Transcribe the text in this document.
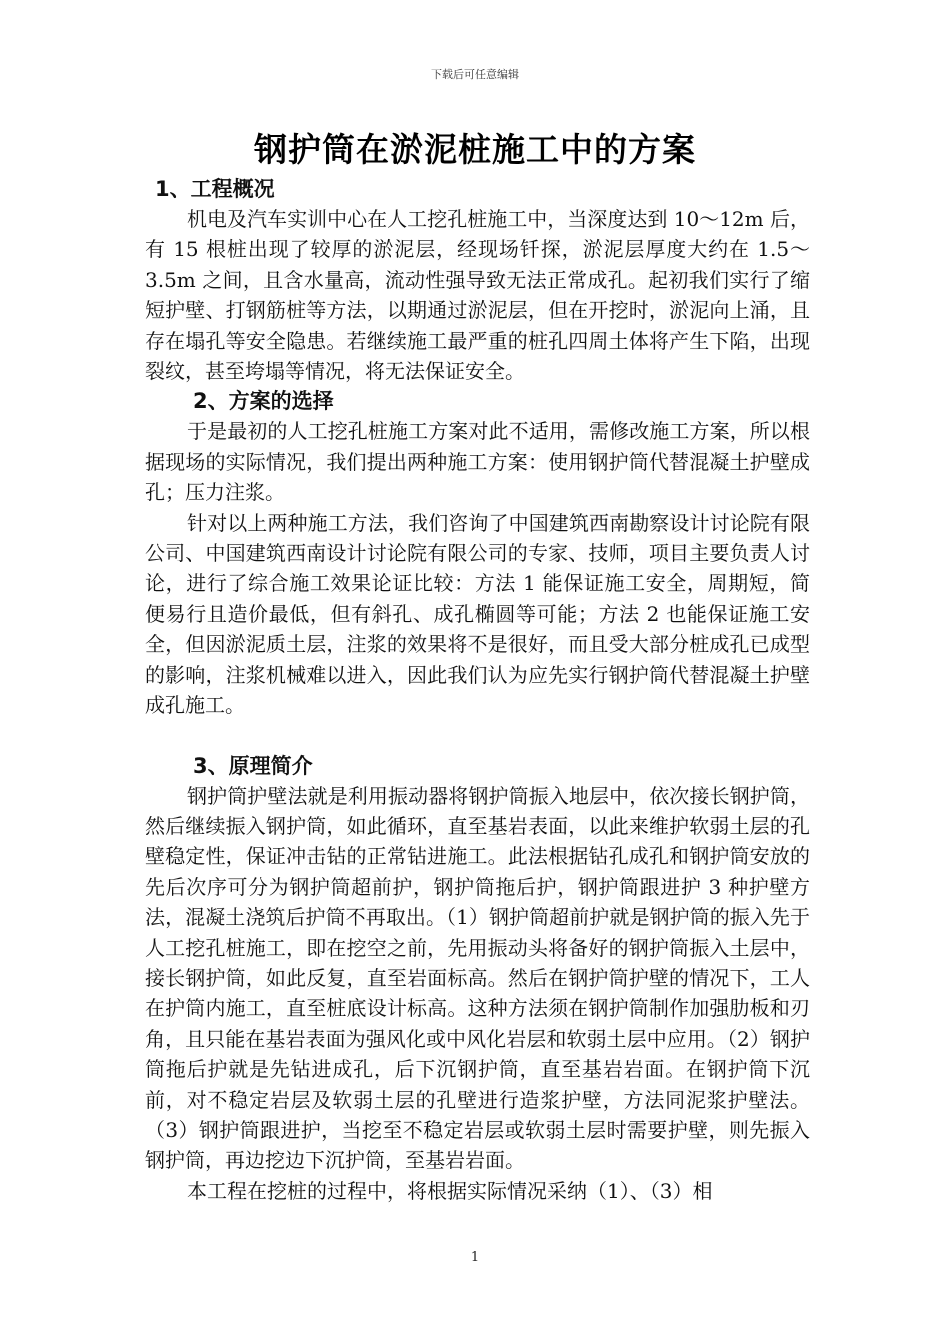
下载后可任意编辑
钢护筒在淤泥桩施工中的方案
1、工程概况

机电及汽车实训中心在人工挖孔桩施工中，当深度达到 10～12m 后，有 15 根桩出现了较厚的淤泥层，经现场钎探，淤泥层厚度大约在 1.5～3.5m 之间，且含水量高，流动性强导致无法正常成孔。起初我们实行了缩短护壁、打钢筋桩等方法，以期通过淤泥层，但在开挖时，淤泥向上涌，且存在塌孔等安全隐患。若继续施工最严重的桩孔四周土体将产生下陷，出现裂纹，甚至垮塌等情况，将无法保证安全。

2、方案的选择

于是最初的人工挖孔桩施工方案对此不适用，需修改施工方案，所以根据现场的实际情况，我们提出两种施工方案：使用钢护筒代替混凝土护壁成孔；压力注浆。

针对以上两种施工方法，我们咨询了中国建筑西南勘察设计讨论院有限公司、中国建筑西南设计讨论院有限公司的专家、技师，项目主要负责人讨论，进行了综合施工效果论证比较：方法 1 能保证施工安全，周期短，简便易行且造价最低，但有斜孔、成孔椭圆等可能；方法 2 也能保证施工安全，但因淤泥质土层，注浆的效果将不是很好，而且受大部分桩成孔已成型的影响，注浆机械难以进入，因此我们认为应先实行钢护筒代替混凝土护壁成孔施工。

3、原理简介

钢护筒护壁法就是利用振动器将钢护筒振入地层中，依次接长钢护筒，然后继续振入钢护筒，如此循环，直至基岩表面，以此来维护软弱土层的孔壁稳定性，保证冲击钻的正常钻进施工。此法根据钻孔成孔和钢护筒安放的先后次序可分为钢护筒超前护，钢护筒拖后护，钢护筒跟进护 3 种护壁方法，混凝土浇筑后护筒不再取出。（1）钢护筒超前护就是钢护筒的振入先于人工挖孔桩施工，即在挖空之前，先用振动头将备好的钢护筒振入土层中，接长钢护筒，如此反复，直至岩面标高。然后在钢护筒护壁的情况下，工人在护筒内施工，直至桩底设计标高。这种方法须在钢护筒制作加强肋板和刃角，且只能在基岩表面为强风化或中风化岩层和软弱土层中应用。（2）钢护筒拖后护就是先钻进成孔，后下沉钢护筒，直至基岩岩面。在钢护筒下沉前，对不稳定岩层及软弱土层的孔壁进行造浆护壁，方法同泥浆护壁法。（3）钢护筒跟进护，当挖至不稳定岩层或软弱土层时需要护壁，则先振入钢护筒，再边挖边下沉护筒，至基岩岩面。

本工程在挖桩的过程中，将根据实际情况采纳（1）、（3）相

1
